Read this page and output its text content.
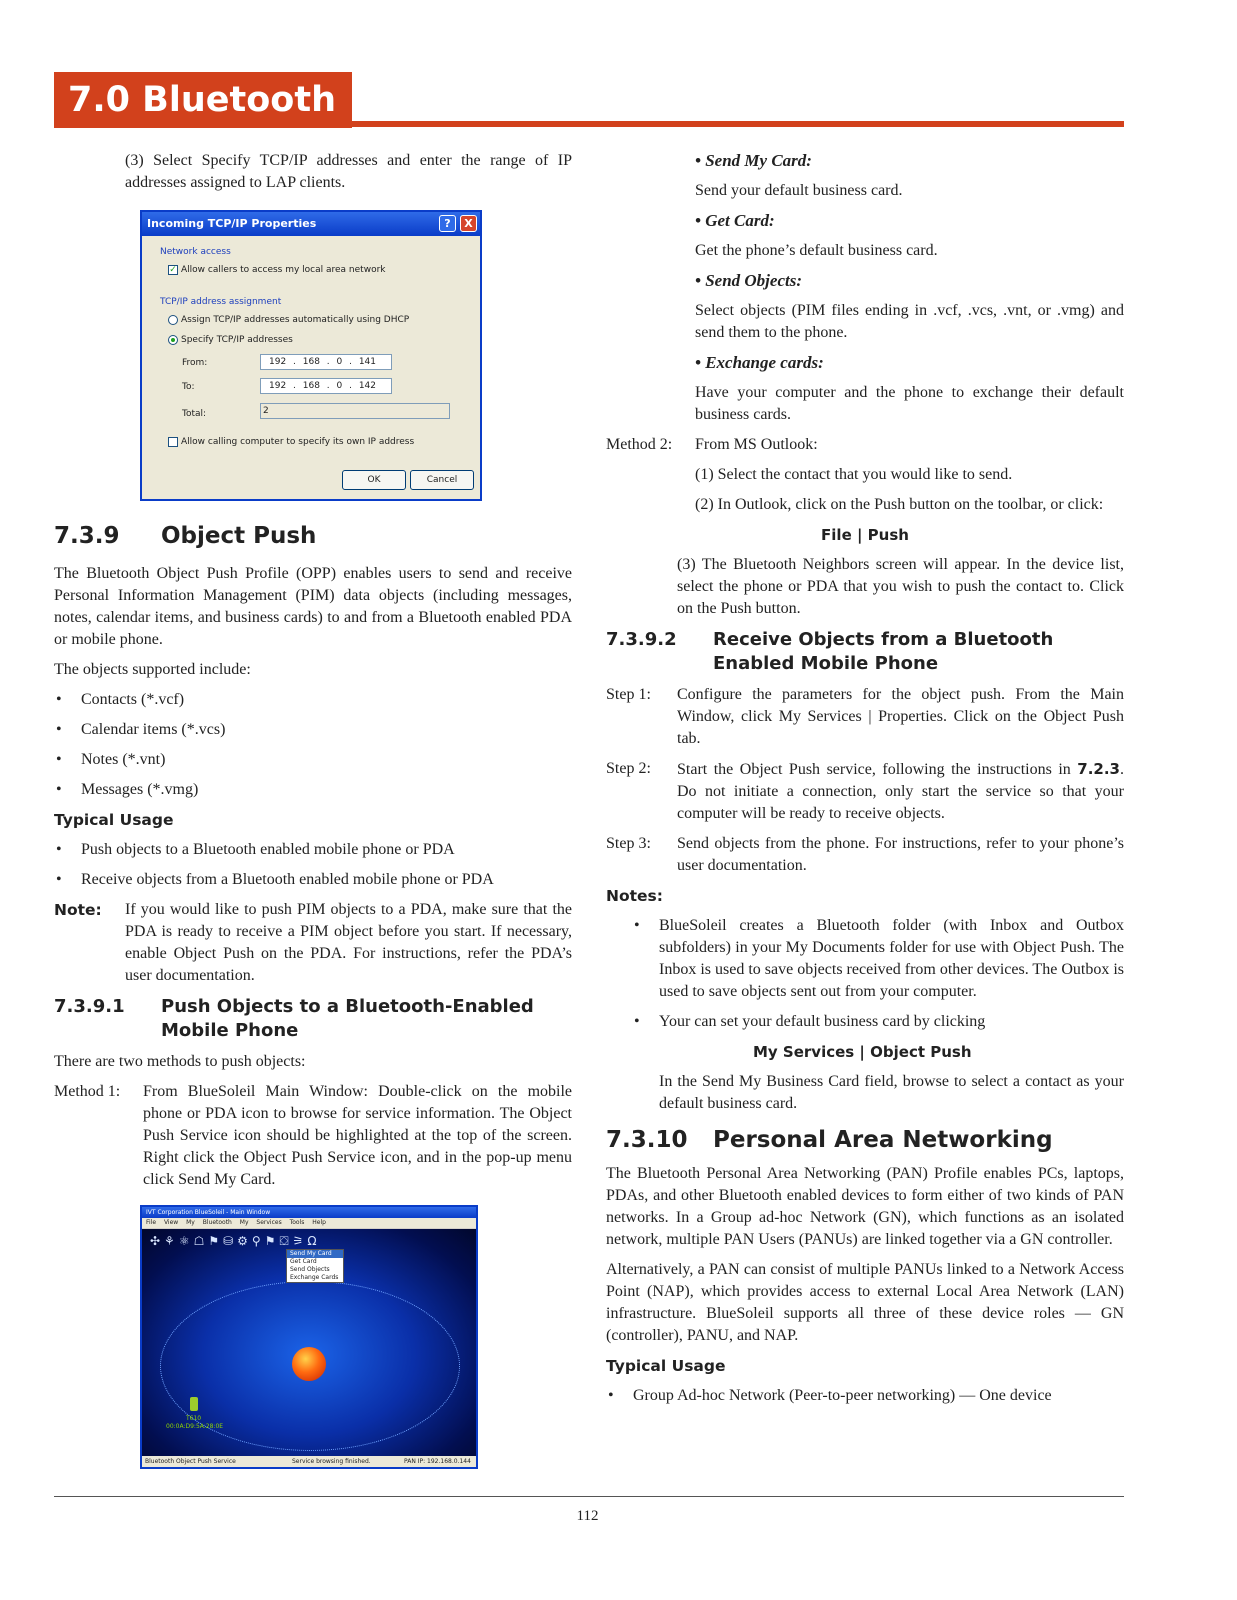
7.0 Bluetooth

(3) Select Specify TCP/IP addresses and enter the range of IP addresses assigned to LAP clients.

Incoming TCP/IP Properties	?	X
Network access
✓ Allow callers to access my local area network
TCP/IP address assignment
Assign TCP/IP addresses automatically using DHCP
Specify TCP/IP addresses
From:	192 . 168 . 0 . 141
To:	192 . 168 . 0 . 142
Total:	2
Allow calling computer to specify its own IP address
OK	Cancel
7.3.9	Object Push

The Bluetooth Object Push Profile (OPP) enables users to send and receive Personal Information Management (PIM) data objects (including messages, notes, calendar items, and business cards) to and from a Bluetooth enabled PDA or mobile phone.

The objects supported include:

• Contacts (*.vcf)
• Calendar items (*.vcs)
• Notes (*.vnt)
• Messages (*.vmg)
Typical Usage
• Push objects to a Bluetooth enabled mobile phone or PDA
• Receive objects from a Bluetooth enabled mobile phone or PDA
Note:	If you would like to push PIM objects to a PDA, make sure that the PDA is ready to receive a PIM object before you start. If necessary, enable Object Push on the PDA. For instructions, refer the PDA’s user documentation.
7.3.9.1	Push Objects to a Bluetooth-Enabled Mobile Phone

There are two methods to push objects:

Method 1:	From BlueSoleil Main Window: Double-click on the mobile phone or PDA icon to browse for service information. The Object Push Service icon should be highlighted at the top of the screen. Right click the Object Push Service icon, and in the pop-up menu click Send My Card.
IVT Corporation BlueSoleil - Main Window
File View My Bluetooth My Services Tools Help
✣⚘⚛☖⚑⛁⚙⚲⚑⛋⚞Ω
Send My Card
Get Card
Send Objects
Exchange Cards
T610
00:0A:D9:5A:28:0E
Bluetooth Object Push Service	Service browsing finished.	PAN IP: 192.168.0.144
• Send My Card:

Send your default business card.

• Get Card:

Get the phone’s default business card.

• Send Objects:

Select objects (PIM files ending in .vcf, .vcs, .vnt, or .vmg) and send them to the phone.

• Exchange cards:

Have your computer and the phone to exchange their default business cards.

Method 2:	From MS Outlook:

(1) Select the contact that you would like to send.

(2) In Outlook, click on the Push button on the toolbar, or click:

File | Push

(3) The Bluetooth Neighbors screen will appear. In the device list, select the phone or PDA that you wish to push the contact to. Click on the Push button.

7.3.9.2	Receive Objects from a Bluetooth Enabled Mobile Phone
Step 1:	Configure the parameters for the object push. From the Main Window, click My Services | Properties. Click on the Object Push tab.
Step 2:	Start the Object Push service, following the instructions in 7.2.3. Do not initiate a connection, only start the service so that your computer will be ready to receive objects.
Step 3:	Send objects from the phone. For instructions, refer to your phone’s user documentation.
Notes:
• BlueSoleil creates a Bluetooth folder (with Inbox and Outbox subfolders) in your My Documents folder for use with Object Push. The Inbox is used to save objects received from other devices. The Outbox is used to save objects sent out from your computer.
• Your can set your default business card by clicking
My Services | Object Push

In the Send My Business Card field, browse to select a contact as your default business card.

7.3.10	Personal Area Networking

The Bluetooth Personal Area Networking (PAN) Profile enables PCs, laptops, PDAs, and other Bluetooth enabled devices to form either of two kinds of PAN networks. In a Group ad-hoc Network (GN), which functions as an isolated network, multiple PAN Users (PANUs) are linked together via a GN controller.

Alternatively, a PAN can consist of multiple PANUs linked to a Network Access Point (NAP), which provides access to external Local Area Network (LAN) infrastructure. BlueSoleil supports all three of these device roles — GN (controller), PANU, and NAP.

Typical Usage
• Group Ad-hoc Network (Peer-to-peer networking) — One device
112
